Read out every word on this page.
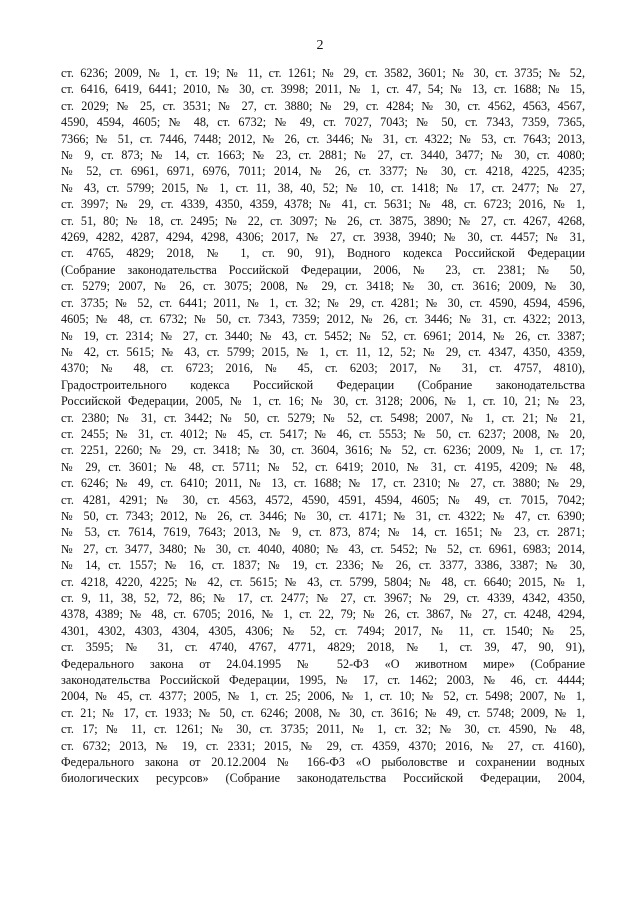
2
ст. 6236; 2009, № 1, ст. 19; № 11, ст. 1261; № 29, ст. 3582, 3601; № 30, ст. 3735; № 52,
ст. 6416, 6419, 6441; 2010, № 30, ст. 3998; 2011, № 1, ст. 47, 54; № 13, ст. 1688; № 15,
ст. 2029; № 25, ст. 3531; № 27, ст. 3880; № 29, ст. 4284; № 30, ст. 4562, 4563, 4567,
4590, 4594, 4605; № 48, ст. 6732; № 49, ст. 7027, 7043; № 50, ст. 7343, 7359, 7365,
7366; № 51, ст. 7446, 7448; 2012, № 26, ст. 3446; № 31, ст. 4322; № 53, ст. 7643; 2013,
№ 9, ст. 873; № 14, ст. 1663; № 23, ст. 2881; № 27, ст. 3440, 3477; № 30, ст. 4080;
№ 52, ст. 6961, 6971, 6976, 7011; 2014, № 26, ст. 3377; № 30, ст. 4218, 4225, 4235;
№ 43, ст. 5799; 2015, № 1, ст. 11, 38, 40, 52; № 10, ст. 1418; № 17, ст. 2477; № 27,
ст. 3997; № 29, ст. 4339, 4350, 4359, 4378; № 41, ст. 5631; № 48, ст. 6723; 2016, № 1,
ст. 51, 80; № 18, ст. 2495; № 22, ст. 3097; № 26, ст. 3875, 3890; № 27, ст. 4267, 4268,
4269, 4282, 4287, 4294, 4298, 4306; 2017, № 27, ст. 3938, 3940; № 30, ст. 4457; № 31,
ст. 4765, 4829; 2018, № 1, ст. 90, 91), Водного кодекса Российской Федерации
(Собрание законодательства Российской Федерации, 2006, № 23, ст. 2381; № 50,
ст. 5279; 2007, № 26, ст. 3075; 2008, № 29, ст. 3418; № 30, ст. 3616; 2009, № 30,
ст. 3735; № 52, ст. 6441; 2011, № 1, ст. 32; № 29, ст. 4281; № 30, ст. 4590, 4594, 4596,
4605; № 48, ст. 6732; № 50, ст. 7343, 7359; 2012, № 26, ст. 3446; № 31, ст. 4322; 2013,
№ 19, ст. 2314; № 27, ст. 3440; № 43, ст. 5452; № 52, ст. 6961; 2014, № 26, ст. 3387;
№ 42, ст. 5615; № 43, ст. 5799; 2015, № 1, ст. 11, 12, 52; № 29, ст. 4347, 4350, 4359,
4370; № 48, ст. 6723; 2016, № 45, ст. 6203; 2017, № 31, ст. 4757, 4810),
Градостроительного кодекса Российской Федерации (Собрание законодательства
Российской Федерации, 2005, № 1, ст. 16; № 30, ст. 3128; 2006, № 1, ст. 10, 21; № 23,
ст. 2380; № 31, ст. 3442; № 50, ст. 5279; № 52, ст. 5498; 2007, № 1, ст. 21; № 21,
ст. 2455; № 31, ст. 4012; № 45, ст. 5417; № 46, ст. 5553; № 50, ст. 6237; 2008, № 20,
ст. 2251, 2260; № 29, ст. 3418; № 30, ст. 3604, 3616; № 52, ст. 6236; 2009, № 1, ст. 17;
№ 29, ст. 3601; № 48, ст. 5711; № 52, ст. 6419; 2010, № 31, ст. 4195, 4209; № 48,
ст. 6246; № 49, ст. 6410; 2011, № 13, ст. 1688; № 17, ст. 2310; № 27, ст. 3880; № 29,
ст. 4281, 4291; № 30, ст. 4563, 4572, 4590, 4591, 4594, 4605; № 49, ст. 7015, 7042;
№ 50, ст. 7343; 2012, № 26, ст. 3446; № 30, ст. 4171; № 31, ст. 4322; № 47, ст. 6390;
№ 53, ст. 7614, 7619, 7643; 2013, № 9, ст. 873, 874; № 14, ст. 1651; № 23, ст. 2871;
№ 27, ст. 3477, 3480; № 30, ст. 4040, 4080; № 43, ст. 5452; № 52, ст. 6961, 6983; 2014,
№ 14, ст. 1557; № 16, ст. 1837; № 19, ст. 2336; № 26, ст. 3377, 3386, 3387; № 30,
ст. 4218, 4220, 4225; № 42, ст. 5615; № 43, ст. 5799, 5804; № 48, ст. 6640; 2015, № 1,
ст. 9, 11, 38, 52, 72, 86; № 17, ст. 2477; № 27, ст. 3967; № 29, ст. 4339, 4342, 4350,
4378, 4389; № 48, ст. 6705; 2016, № 1, ст. 22, 79; № 26, ст. 3867, № 27, ст. 4248, 4294,
4301, 4302, 4303, 4304, 4305, 4306; № 52, ст. 7494; 2017, № 11, ст. 1540; № 25,
ст. 3595; № 31, ст. 4740, 4767, 4771, 4829; 2018, № 1, ст. 39, 47, 90, 91),
Федерального закона от 24.04.1995 № 52-ФЗ «О животном мире» (Собрание
законодательства Российской Федерации, 1995, № 17, ст. 1462; 2003, № 46, ст. 4444;
2004, № 45, ст. 4377; 2005, № 1, ст. 25; 2006, № 1, ст. 10; № 52, ст. 5498; 2007, № 1,
ст. 21; № 17, ст. 1933; № 50, ст. 6246; 2008, № 30, ст. 3616; № 49, ст. 5748; 2009, № 1,
ст. 17; № 11, ст. 1261; № 30, ст. 3735; 2011, № 1, ст. 32; № 30, ст. 4590, № 48,
ст. 6732; 2013, № 19, ст. 2331; 2015, № 29, ст. 4359, 4370; 2016, № 27, ст. 4160),
Федерального закона от 20.12.2004 № 166-ФЗ «О рыболовстве и сохранении водных
биологических ресурсов» (Собрание законодательства Российской Федерации, 2004,
